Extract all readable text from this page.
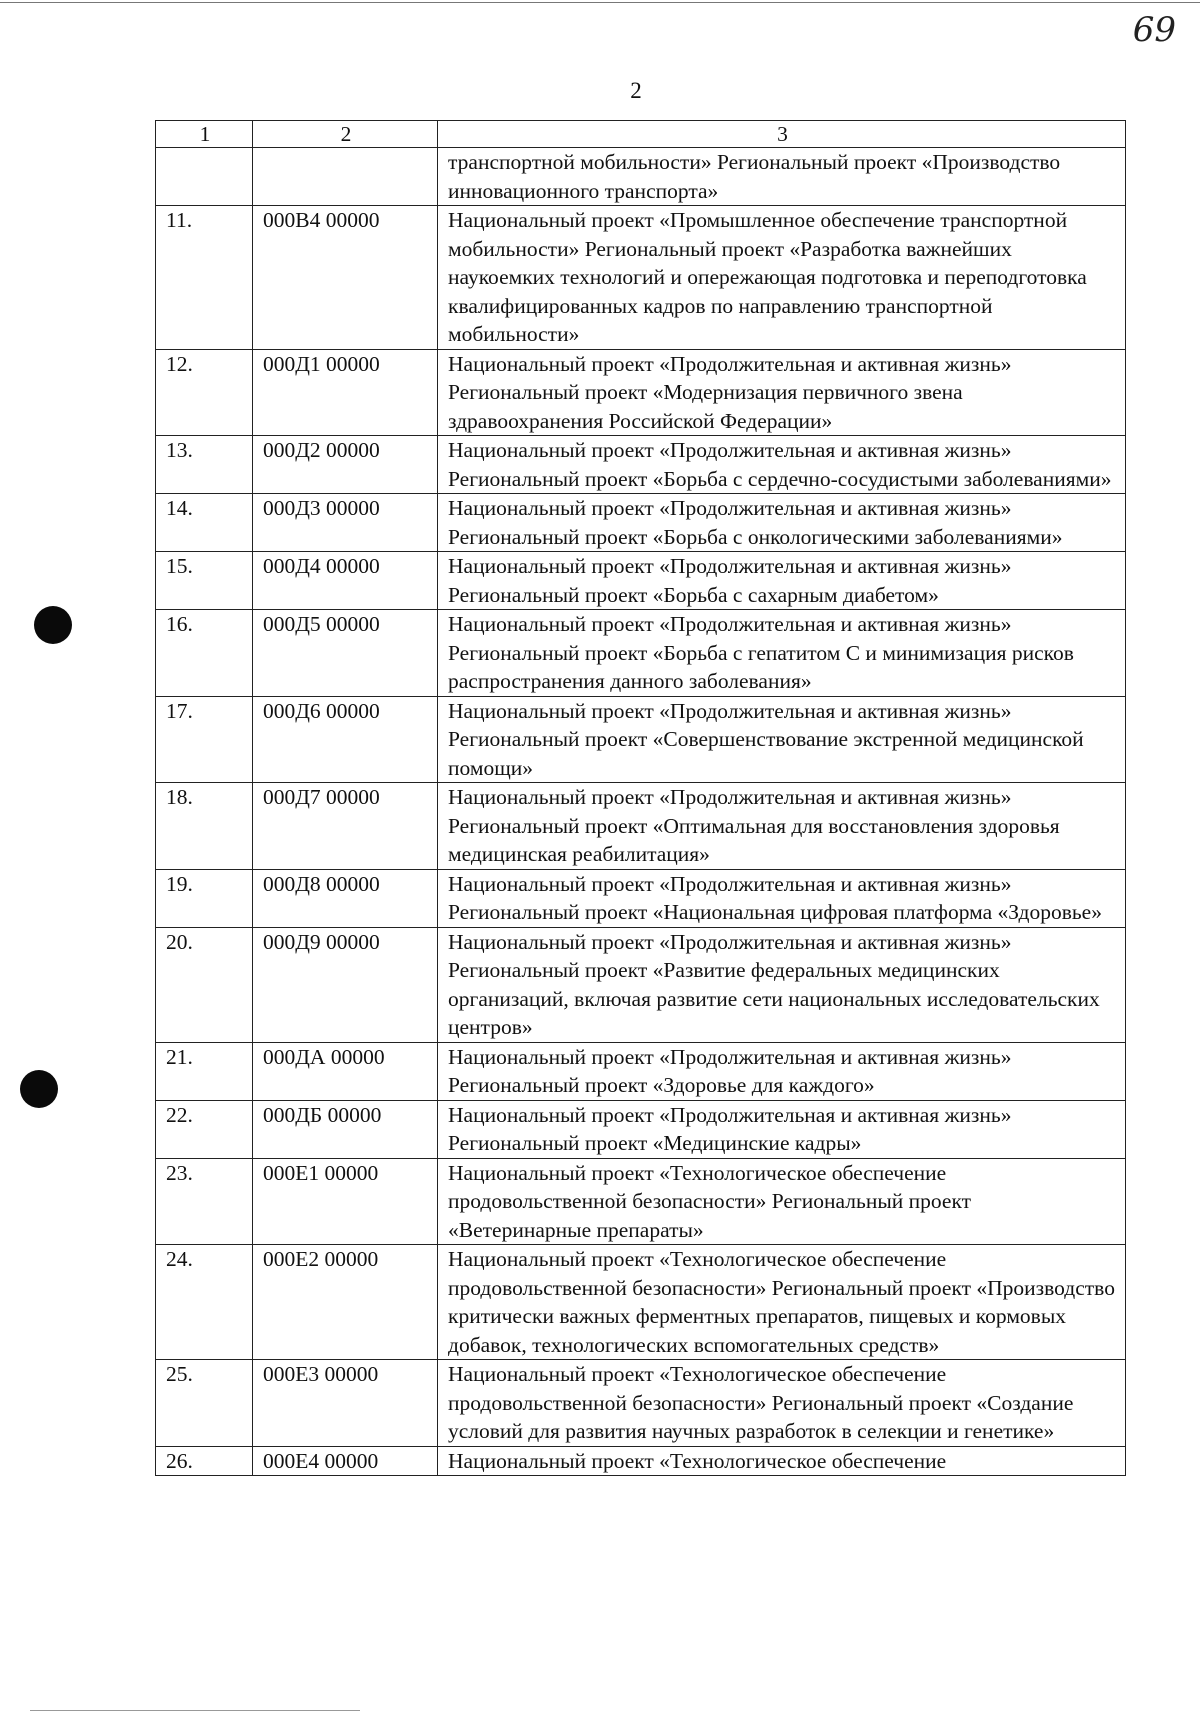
69
2
1	2	3
		транспортной мобильности» Региональный проект «Производство инновационного транспорта»
11.	000В4 00000	Национальный проект «Промышленное обеспечение транспортной мобильности» Региональный проект «Разработка важнейших наукоемких технологий и опережающая подготовка и переподготовка квалифицированных кадров по направлению транспортной мобильности»
12.	000Д1 00000	Национальный проект «Продолжительная и активная жизнь» Региональный проект «Модернизация первичного звена здравоохранения Российской Федерации»
13.	000Д2 00000	Национальный проект «Продолжительная и активная жизнь» Региональный проект «Борьба с сердечно-сосудистыми заболеваниями»
14.	000Д3 00000	Национальный проект «Продолжительная и активная жизнь» Региональный проект «Борьба с онкологическими заболеваниями»
15.	000Д4 00000	Национальный проект «Продолжительная и активная жизнь» Региональный проект «Борьба с сахарным диабетом»
16.	000Д5 00000	Национальный проект «Продолжительная и активная жизнь» Региональный проект «Борьба с гепатитом С и минимизация рисков распространения данного заболевания»
17.	000Д6 00000	Национальный проект «Продолжительная и активная жизнь» Региональный проект «Совершенствование экстренной медицинской помощи»
18.	000Д7 00000	Национальный проект «Продолжительная и активная жизнь» Региональный проект «Оптимальная для восстановления здоровья медицинская реабилитация»
19.	000Д8 00000	Национальный проект «Продолжительная и активная жизнь» Региональный проект «Национальная цифровая платформа «Здоровье»
20.	000Д9 00000	Национальный проект «Продолжительная и активная жизнь» Региональный проект «Развитие федеральных медицинских организаций, включая развитие сети национальных исследовательских центров»
21.	000ДА 00000	Национальный проект «Продолжительная и активная жизнь» Региональный проект «Здоровье для каждого»
22.	000ДБ 00000	Национальный проект «Продолжительная и активная жизнь» Региональный проект «Медицинские кадры»
23.	000Е1 00000	Национальный проект «Технологическое обеспечение продовольственной безопасности» Региональный проект «Ветеринарные препараты»
24.	000Е2 00000	Национальный проект «Технологическое обеспечение продовольственной безопасности» Региональный проект «Производство критически важных ферментных препаратов, пищевых и кормовых добавок, технологических вспомогательных средств»
25.	000Е3 00000	Национальный проект «Технологическое обеспечение продовольственной безопасности» Региональный проект «Создание условий для развития научных разработок в селекции и генетике»
26.	000Е4 00000	Национальный проект «Технологическое обеспечение
